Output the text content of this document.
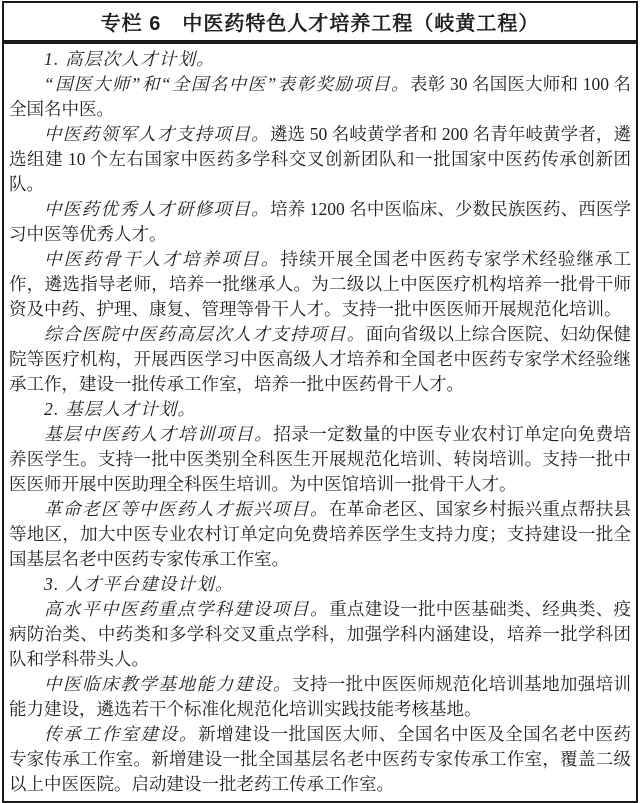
专栏 6　中医药特色人才培养工程（岐黄工程）

1. 高层次人才计划。

“国医大师”和“全国名中医”表彰奖励项目。表彰 30 名国医大师和 100 名全国名中医。

中医药领军人才支持项目。遴选 50 名岐黄学者和 200 名青年岐黄学者，遴选组建 10 个左右国家中医药多学科交叉创新团队和一批国家中医药传承创新团队。

中医药优秀人才研修项目。培养 1200 名中医临床、少数民族医药、西医学习中医等优秀人才。

中医药骨干人才培养项目。持续开展全国老中医药专家学术经验继承工作，遴选指导老师，培养一批继承人。为二级以上中医医疗机构培养一批骨干师资及中药、护理、康复、管理等骨干人才。支持一批中医医师开展规范化培训。

综合医院中医药高层次人才支持项目。面向省级以上综合医院、妇幼保健院等医疗机构，开展西医学习中医高级人才培养和全国老中医药专家学术经验继承工作，建设一批传承工作室，培养一批中医药骨干人才。

2. 基层人才计划。

基层中医药人才培训项目。招录一定数量的中医专业农村订单定向免费培养医学生。支持一批中医类别全科医生开展规范化培训、转岗培训。支持一批中医医师开展中医助理全科医生培训。为中医馆培训一批骨干人才。

革命老区等中医药人才振兴项目。在革命老区、国家乡村振兴重点帮扶县等地区，加大中医专业农村订单定向免费培养医学生支持力度；支持建设一批全国基层名老中医药专家传承工作室。

3. 人才平台建设计划。

高水平中医药重点学科建设项目。重点建设一批中医基础类、经典类、疫病防治类、中药类和多学科交叉重点学科，加强学科内涵建设，培养一批学科团队和学科带头人。

中医临床教学基地能力建设。支持一批中医医师规范化培训基地加强培训能力建设，遴选若干个标准化规范化培训实践技能考核基地。

传承工作室建设。新增建设一批国医大师、全国名中医及全国名老中医药专家传承工作室。新增建设一批全国基层名老中医药专家传承工作室，覆盖二级以上中医医院。启动建设一批老药工传承工作室。
